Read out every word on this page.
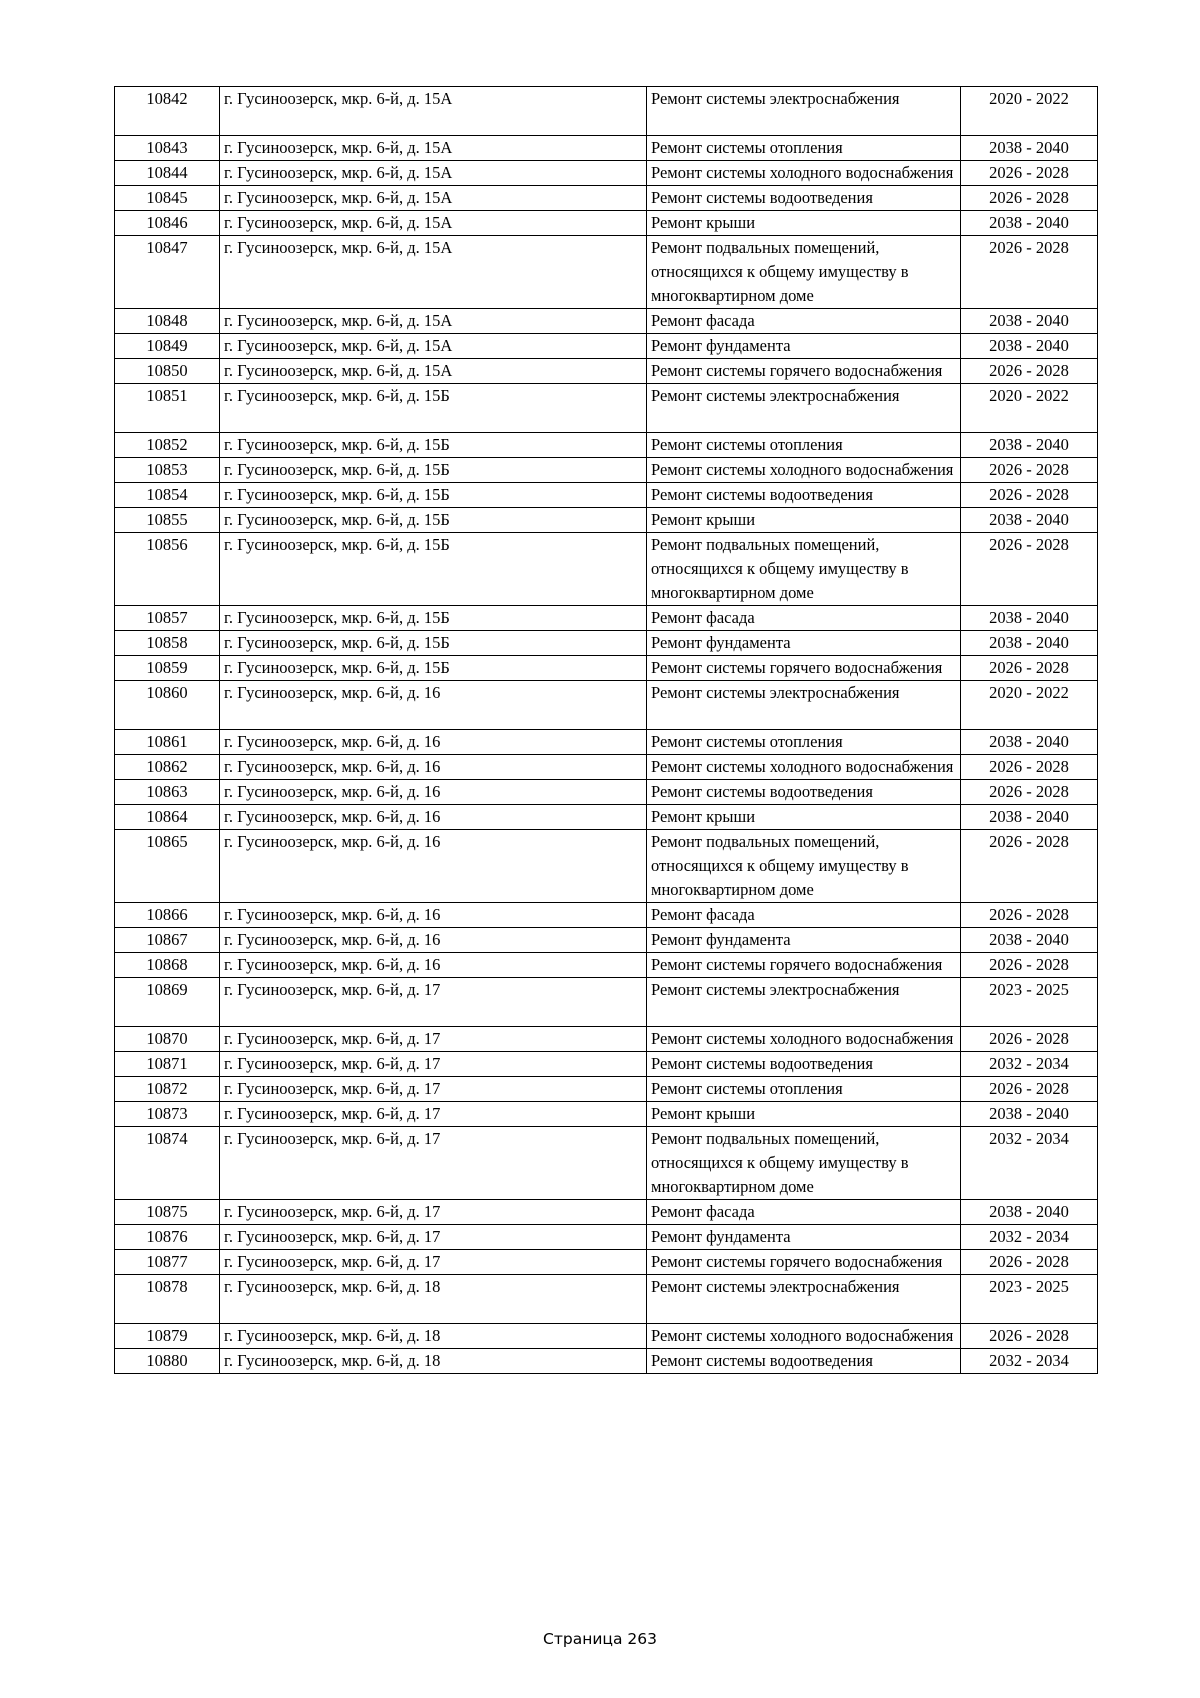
10842	г. Гусиноозерск, мкр. 6-й, д. 15А	Ремонт системы электроснабжения	2020 - 2022
10843	г. Гусиноозерск, мкр. 6-й, д. 15А	Ремонт системы отопления	2038 - 2040
10844	г. Гусиноозерск, мкр. 6-й, д. 15А	Ремонт системы холодного водоснабжения	2026 - 2028
10845	г. Гусиноозерск, мкр. 6-й, д. 15А	Ремонт системы водоотведения	2026 - 2028
10846	г. Гусиноозерск, мкр. 6-й, д. 15А	Ремонт крыши	2038 - 2040
10847	г. Гусиноозерск, мкр. 6-й, д. 15А	Ремонт подвальных помещений, относящихся к общему имуществу в многоквартирном доме	2026 - 2028
10848	г. Гусиноозерск, мкр. 6-й, д. 15А	Ремонт фасада	2038 - 2040
10849	г. Гусиноозерск, мкр. 6-й, д. 15А	Ремонт фундамента	2038 - 2040
10850	г. Гусиноозерск, мкр. 6-й, д. 15А	Ремонт системы горячего водоснабжения	2026 - 2028
10851	г. Гусиноозерск, мкр. 6-й, д. 15Б	Ремонт системы электроснабжения	2020 - 2022
10852	г. Гусиноозерск, мкр. 6-й, д. 15Б	Ремонт системы отопления	2038 - 2040
10853	г. Гусиноозерск, мкр. 6-й, д. 15Б	Ремонт системы холодного водоснабжения	2026 - 2028
10854	г. Гусиноозерск, мкр. 6-й, д. 15Б	Ремонт системы водоотведения	2026 - 2028
10855	г. Гусиноозерск, мкр. 6-й, д. 15Б	Ремонт крыши	2038 - 2040
10856	г. Гусиноозерск, мкр. 6-й, д. 15Б	Ремонт подвальных помещений, относящихся к общему имуществу в многоквартирном доме	2026 - 2028
10857	г. Гусиноозерск, мкр. 6-й, д. 15Б	Ремонт фасада	2038 - 2040
10858	г. Гусиноозерск, мкр. 6-й, д. 15Б	Ремонт фундамента	2038 - 2040
10859	г. Гусиноозерск, мкр. 6-й, д. 15Б	Ремонт системы горячего водоснабжения	2026 - 2028
10860	г. Гусиноозерск, мкр. 6-й, д. 16	Ремонт системы электроснабжения	2020 - 2022
10861	г. Гусиноозерск, мкр. 6-й, д. 16	Ремонт системы отопления	2038 - 2040
10862	г. Гусиноозерск, мкр. 6-й, д. 16	Ремонт системы холодного водоснабжения	2026 - 2028
10863	г. Гусиноозерск, мкр. 6-й, д. 16	Ремонт системы водоотведения	2026 - 2028
10864	г. Гусиноозерск, мкр. 6-й, д. 16	Ремонт крыши	2038 - 2040
10865	г. Гусиноозерск, мкр. 6-й, д. 16	Ремонт подвальных помещений, относящихся к общему имуществу в многоквартирном доме	2026 - 2028
10866	г. Гусиноозерск, мкр. 6-й, д. 16	Ремонт фасада	2026 - 2028
10867	г. Гусиноозерск, мкр. 6-й, д. 16	Ремонт фундамента	2038 - 2040
10868	г. Гусиноозерск, мкр. 6-й, д. 16	Ремонт системы горячего водоснабжения	2026 - 2028
10869	г. Гусиноозерск, мкр. 6-й, д. 17	Ремонт системы электроснабжения	2023 - 2025
10870	г. Гусиноозерск, мкр. 6-й, д. 17	Ремонт системы холодного водоснабжения	2026 - 2028
10871	г. Гусиноозерск, мкр. 6-й, д. 17	Ремонт системы водоотведения	2032 - 2034
10872	г. Гусиноозерск, мкр. 6-й, д. 17	Ремонт системы отопления	2026 - 2028
10873	г. Гусиноозерск, мкр. 6-й, д. 17	Ремонт крыши	2038 - 2040
10874	г. Гусиноозерск, мкр. 6-й, д. 17	Ремонт подвальных помещений, относящихся к общему имуществу в многоквартирном доме	2032 - 2034
10875	г. Гусиноозерск, мкр. 6-й, д. 17	Ремонт фасада	2038 - 2040
10876	г. Гусиноозерск, мкр. 6-й, д. 17	Ремонт фундамента	2032 - 2034
10877	г. Гусиноозерск, мкр. 6-й, д. 17	Ремонт системы горячего водоснабжения	2026 - 2028
10878	г. Гусиноозерск, мкр. 6-й, д. 18	Ремонт системы электроснабжения	2023 - 2025
10879	г. Гусиноозерск, мкр. 6-й, д. 18	Ремонт системы холодного водоснабжения	2026 - 2028
10880	г. Гусиноозерск, мкр. 6-й, д. 18	Ремонт системы водоотведения	2032 - 2034
Страница 263
